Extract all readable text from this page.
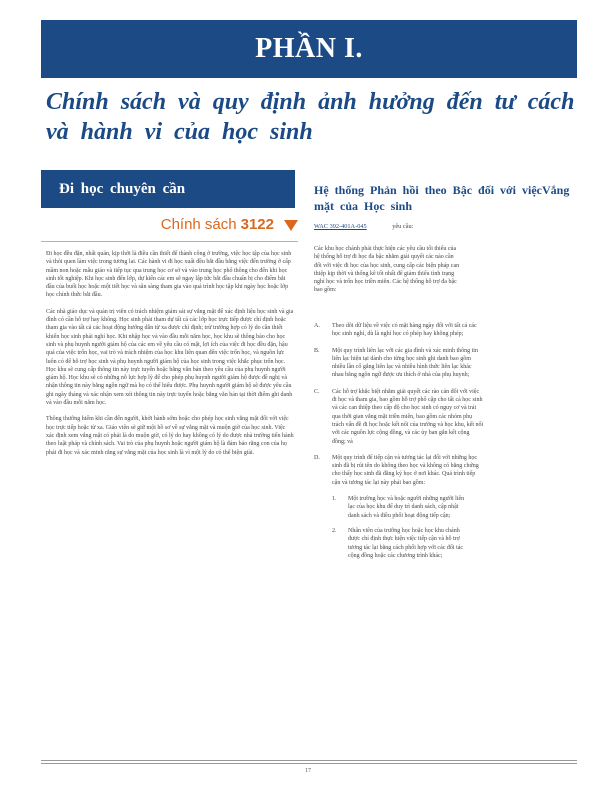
PHẦN I.
Chính sách và quy định ảnh hưởng đến tư cách và hành vi của học sinh
Đi học chuyên cần
Chính sách 3122

Đi học đều đặn, nhất quán, kịp thời là điều cần thiết để thành công ở trường, việc học tập của học sinh và thói quen làm việc trong tương lai. Các hành vi đi học xuất đều bắt đầu bằng việc đến trường ở cấp mầm non hoặc mẫu giáo và tiếp tục qua trung học cơ sở và vào trung học phổ thông cho đến khi học sinh tốt nghiệp. Khi học sinh đến lớp, dự kiến các em sẽ ngay lập tức bắt đầu chuẩn bị cho điểm bắt đầu của buổi học hoặc một tiết học và sẵn sàng tham gia vào quá trình học tập khi ngày học hoặc lớp học chính thức bắt đầu.

Các nhà giáo dục và quản trị viên có trách nhiệm giám sát sự vắng mặt để xác định liệu học sinh và gia đình có cần hỗ trợ hay không. Học sinh phải tham dự tất cả các lớp học trực tiếp được chỉ định hoặc tham gia vào tất cả các hoạt động hướng dẫn từ xa được chỉ định; trừ trường hợp có lý do cần thiết khiến học sinh phải nghỉ học. Khi nhập học và vào đầu mỗi năm học, học khu sẽ thông báo cho học sinh và phụ huynh người giám hộ của các em về yêu cầu có mặt, lợi ích của việc đi học đều đặn, hậu quả của việc trốn học, vai trò và trách nhiệm của học khu liên quan đến việc trốn học, và nguồn lực luôn có để hỗ trợ học sinh và phụ huynh người giám hộ của học sinh trong việc khắc phục trốn học. Học khu sẽ cung cấp thông tin này trực tuyến hoặc bằng văn bản theo yêu cầu của phụ huynh người giám hộ. Học khu sẽ có những nỗ lực hợp lý để cho phép phụ huynh người giám hộ được đề nghị và nhận thông tin này bằng ngôn ngữ mà họ có thể hiểu được. Phụ huynh người giám hộ sẽ được yêu cầu ghi ngày tháng và xác nhận xem xét thông tin này trực tuyến hoặc bằng văn bản tại thời điểm ghi danh và vào đầu mỗi năm học.

Thông thường hiếm khi cần đến người, khởi hành sớm hoặc cho phép học sinh vắng mặt đối với việc học trực tiếp hoặc từ xa. Giáo viên sẽ giữ một hồ sơ về sự vắng mặt và muộn giờ của học sinh. Việc xác định xem vắng mặt có phải là do muộn giờ, có lý do hay không có lý do được nhà trường tiến hành theo luật pháp và chính sách. Vai trò của phụ huynh hoặc người giám hộ là đảm bảo rằng con của họ phải đi học và xác minh rằng sự vắng mặt của học sinh là vì một lý do có thể biện giải.

Hệ thống Phản hồi theo Bậc đối với việcVắng mặt của Học sinh
WAC 392-401A-045	yêu cầu:
Các khu học chánh phải thực hiện các yêu cầu tối thiểu của hệ thống hỗ trợ đi học đa bậc nhằm giải quyết các nào cần đối với việc đi học của học sinh, cung cấp các biện pháp can thiệp kịp thời và thống kê tốt nhất để giảm thiểu tình trạng nghỉ học và trốn học triền miên. Các hệ thống hỗ trợ đa bậc bao gồm:
A. Theo dõi dữ liệu về việc có mặt hàng ngày đối với tất cả các học sinh nghỉ, dù là nghỉ học có phép hay không phép;
B. Một quy trình liên lạc với các gia đình và xác minh thông tin liên lạc hiện tại dành cho từng học sinh ghi danh bao gồm nhiều lần cố gắng liên lạc và nhiều hình thức liên lạc khác nhau bằng ngôn ngữ được ưu thích ở nhà của phụ huynh;
C. Các hỗ trợ khắc biệt nhằm giải quyết các rào cản đối với việc đi học và tham gia, bao gồm hỗ trợ phổ cập cho tất cả học sinh và các can thiệp theo cấp độ cho học sinh có nguy cơ và trải qua thời gian vắng mặt triền miên, bao gồm các nhóm phụ trách vấn đề đi học hoặc kết nối của trường và học khu, kết nối với các nguồn lực cộng đồng, và các ủy ban gắn kết cộng đồng; và
D. Một quy trình để tiếp cận và tương tác lại đối với những học sinh đã bị rút tên do không theo học và không có bằng chứng cho thấy học sinh đã đăng ký học ở nơi khác. Quá trình tiếp cận và tương tác lại này phải bao gồm:
1. Một trường học và hoặc người những người liên lạc của học khu để duy trì danh sách, cập nhật danh sách và điều phối hoạt động tiếp cận;
2. Nhân viên của trường học hoặc học khu chánh được chỉ định thực hiện việc tiếp cận và hỗ trợ tương tác lại bằng cách phối hợp với các đối tác cộng đồng hoặc các chương trình khác;
17
